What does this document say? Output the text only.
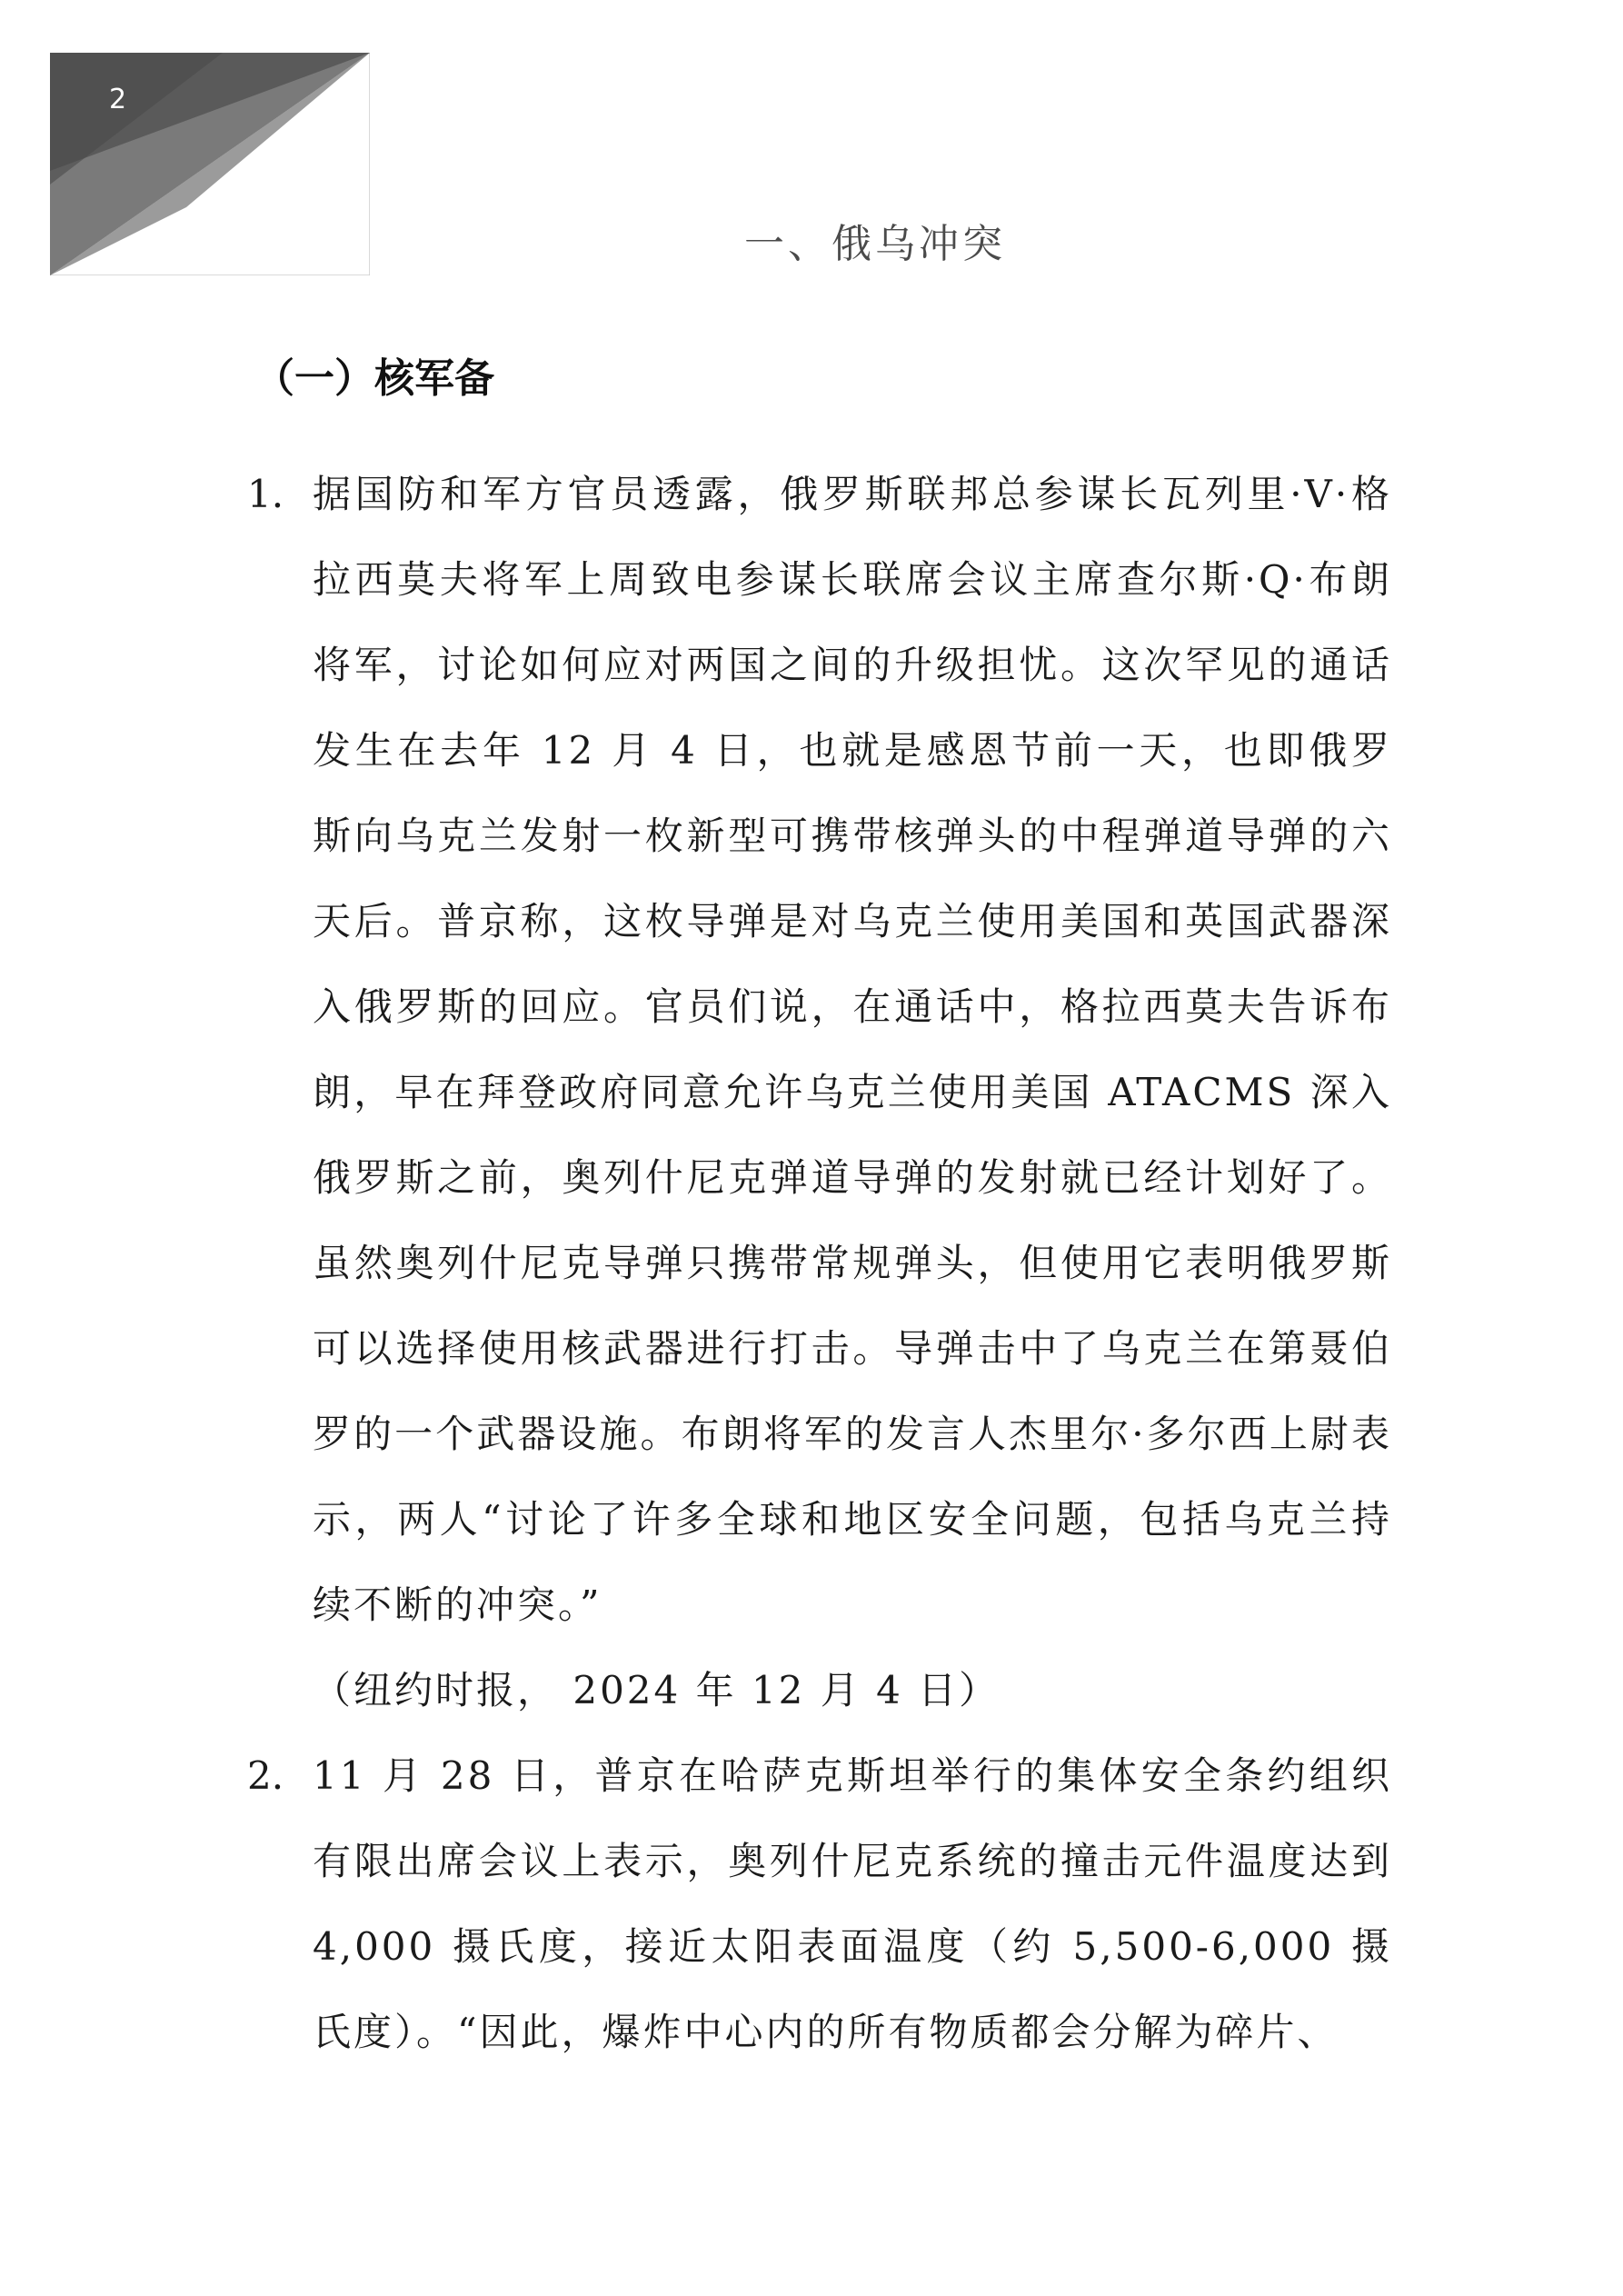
2
一、俄乌冲突
（一）核军备
1. 据国防和军方官员透露，俄罗斯联邦总参谋长瓦列里·V·格拉西莫夫将军上周致电参谋长联席会议主席查尔斯·Q·布朗将军，讨论如何应对两国之间的升级担忧。这次罕见的通话发生在去年 12 月 4 日，也就是感恩节前一天，也即俄罗斯向乌克兰发射一枚新型可携带核弹头的中程弹道导弹的六天后。普京称，这枚导弹是对乌克兰使用美国和英国武器深入俄罗斯的回应。官员们说，在通话中，格拉西莫夫告诉布朗，早在拜登政府同意允许乌克兰使用美国 ATACMS 深入俄罗斯之前，奥列什尼克弹道导弹的发射就已经计划好了。虽然奥列什尼克导弹只携带常规弹头，但使用它表明俄罗斯可以选择使用核武器进行打击。导弹击中了乌克兰在第聂伯罗的一个武器设施。布朗将军的发言人杰里尔·多尔西上尉表示，两人“讨论了许多全球和地区安全问题，包括乌克兰持续不断的冲突。”
（纽约时报， 2024 年 12 月 4 日）
2. 11 月 28 日，普京在哈萨克斯坦举行的集体安全条约组织有限出席会议上表示，奥列什尼克系统的撞击元件温度达到 4,000 摄氏度，接近太阳表面温度（约 5,500-6,000 摄氏度）。“因此，爆炸中心内的所有物质都会分解为碎片、
